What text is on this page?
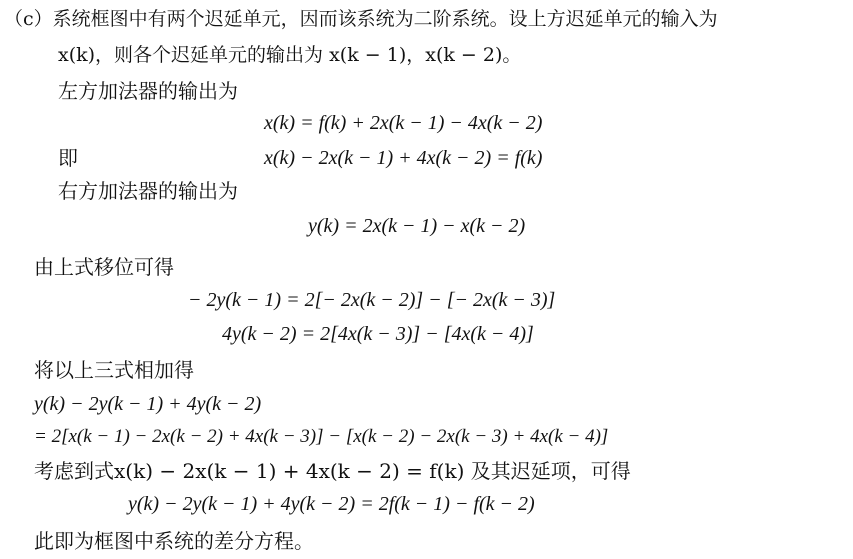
（c）系统框图中有两个迟延单元，因而该系统为二阶系统。设上方迟延单元的输入为
x(k)，则各个迟延单元的输出为 x(k − 1)，x(k − 2)。
左方加法器的输出为
x(k) = f(k) + 2x(k − 1) − 4x(k − 2)
即	x(k) − 2x(k − 1) + 4x(k − 2) = f(k)
右方加法器的输出为
y(k) = 2x(k − 1) − x(k − 2)
由上式移位可得
− 2y(k − 1) = 2[− 2x(k − 2)] − [− 2x(k − 3)]
4y(k − 2) = 2[4x(k − 3)] − [4x(k − 4)]
将以上三式相加得
y(k) − 2y(k − 1) + 4y(k − 2)
= 2[x(k − 1) − 2x(k − 2) + 4x(k − 3)] − [x(k − 2) − 2x(k − 3) + 4x(k − 4)]
考虑到式x(k) − 2x(k − 1) + 4x(k − 2) = f(k) 及其迟延项，可得
y(k) − 2y(k − 1) + 4y(k − 2) = 2f(k − 1) − f(k − 2)
此即为框图中系统的差分方程。
